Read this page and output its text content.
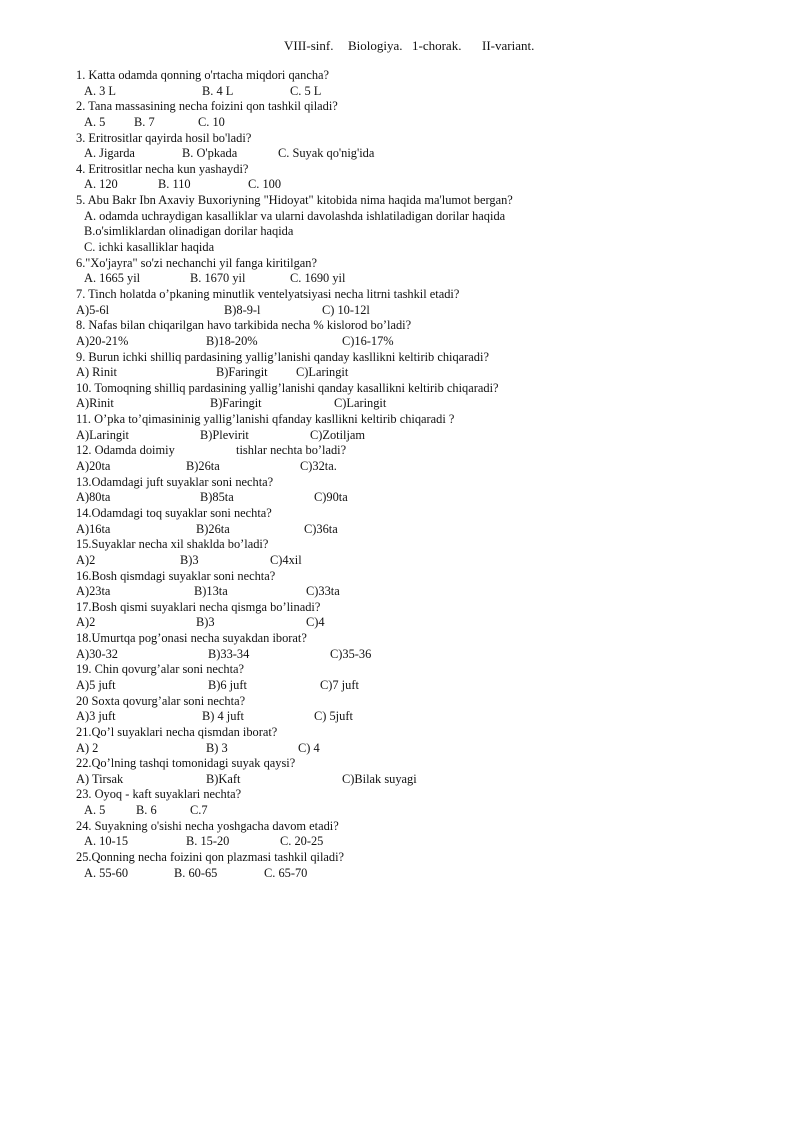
VIII-sinf. Biologiya. 1-chorak. II-variant.
1. Katta odamda qonning o'rtacha miqdori qancha?
A. 3 L	B. 4 L	C. 5 L
2. Tana massasining necha foizini qon tashkil qiladi?
A. 5 B. 7	C. 10
3. Eritrositlar qayirda hosil bo'ladi?
A. Jigarda	B. O'pkada	C. Suyak qo'nig'ida
4. Eritrositlar necha kun yashaydi?
A. 120	B. 110	C. 100
5. Abu Bakr Ibn Axaviy Buxoriyning "Hidoyat" kitobida nima haqida ma'lumot bergan?
A. odamda uchraydigan kasalliklar va ularni davolashda ishlatiladigan dorilar haqida
B.o'simliklardan olinadigan dorilar haqida
C. ichki kasalliklar haqida
6."Xo'jayra" so'zi nechanchi yil fanga kiritilgan?
A. 1665 yil	B. 1670 yil	C. 1690 yil
7. Tinch holatda o’pkaning minutlik ventelyatsiyasi necha litrni tashkil etadi?
A)5-6l	B)8-9-l	C) 10-12l
8. Nafas bilan chiqarilgan havo tarkibida necha % kislorod bo’ladi?
A)20-21%	B)18-20%	C)16-17%
9. Burun ichki shilliq pardasining yallig’lanishi qanday kasllikni keltirib chiqaradi?
A) Rinit	B)Faringit C)Laringit
10. Tomoqning shilliq pardasining yallig’lanishi qanday kasallikni keltirib chiqaradi?
A)Rinit	B)Faringit	C)Laringit
11. O’pka to’qimasininig yallig’lanishi qfanday kasllikni keltirib chiqaradi ?
A)Laringit	B)Plevirit	C)Zotiljam
12. Odamda doimiy	tishlar nechta bo’ladi?
A)20ta	B)26ta	C)32ta.
13.Odamdagi juft suyaklar soni nechta?
A)80ta	B)85ta	C)90ta
14.Odamdagi toq suyaklar soni nechta?
A)16ta	B)26ta	C)36ta
15.Suyaklar necha xil shaklda bo’ladi?
A)2	B)3	C)4xil
16.Bosh qismdagi suyaklar soni nechta?
A)23ta	B)13ta	C)33ta
17.Bosh qismi suyaklari necha qismga bo’linadi?
A)2	B)3	C)4
18.Umurtqa pog’onasi necha suyakdan iborat?
A)30-32	B)33-34	C)35-36
19. Chin qovurg’alar soni nechta?
A)5 juft	B)6 juft	C)7 juft
20 Soxta qovurg’alar soni nechta?
A)3 juft	B) 4 juft	C) 5juft
21.Qo’l suyaklari necha qismdan iborat?
A) 2	B) 3	C) 4
22.Qo’lning tashqi tomonidagi suyak qaysi?
A) Tirsak	B)Kaft	C)Bilak suyagi
23. Oyoq - kaft suyaklari nechta?
A. 5 B. 6	C.7
24. Suyakning o'sishi necha yoshgacha davom etadi?
A. 10-15	B. 15-20	C. 20-25
25.Qonning necha foizini qon plazmasi tashkil qiladi?
A. 55-60	B. 60-65	C. 65-70
